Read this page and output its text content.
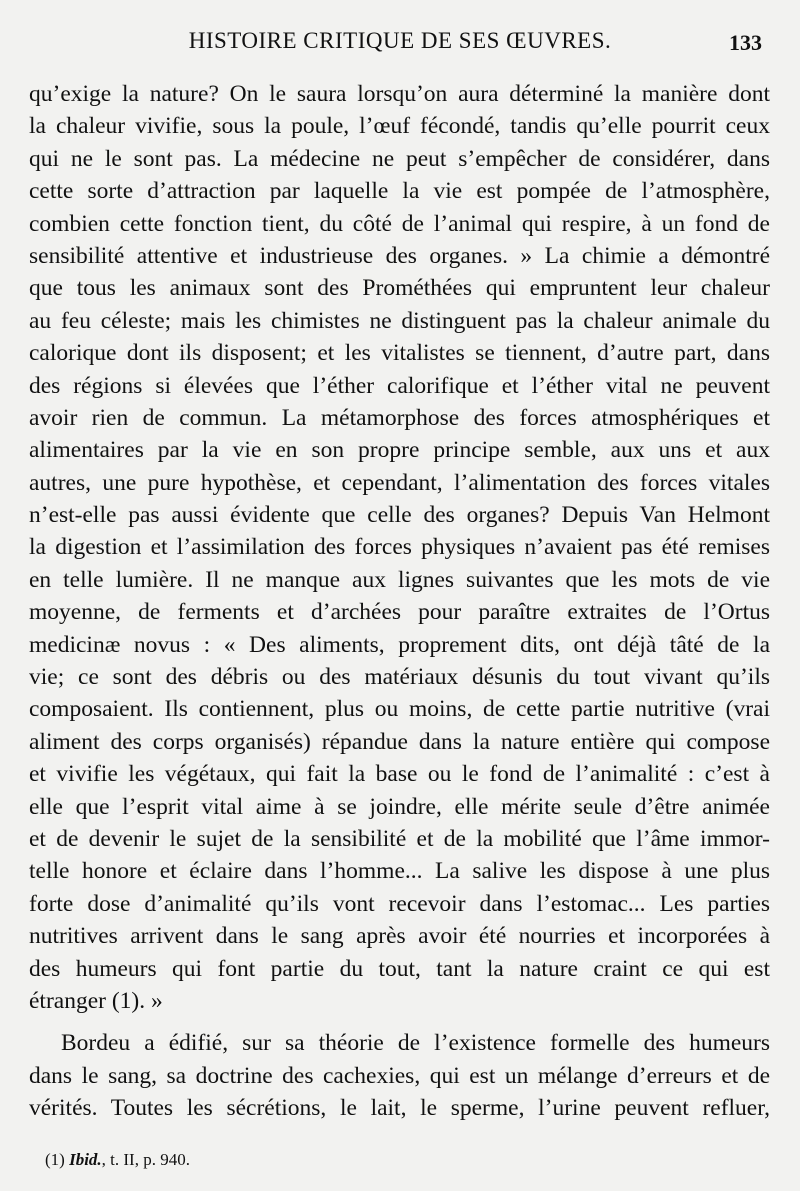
HISTOIRE CRITIQUE DE SES ŒUVRES.	133
qu’exige la nature? On le saura lorsqu’on aura déterminé la manière dont
la chaleur vivifie, sous la poule, l’œuf fécondé, tandis qu’elle pourrit ceux
qui ne le sont pas. La médecine ne peut s’empêcher de considérer, dans
cette sorte d’attraction par laquelle la vie est pompée de l’atmosphère,
combien cette fonction tient, du côté de l’animal qui respire, à un fond de
sensibilité attentive et industrieuse des organes. » La chimie a démontré
que tous les animaux sont des Prométhées qui empruntent leur chaleur
au feu céleste; mais les chimistes ne distinguent pas la chaleur animale du
calorique dont ils disposent; et les vitalistes se tiennent, d’autre part, dans
des régions si élevées que l’éther calorifique et l’éther vital ne peuvent
avoir rien de commun. La métamorphose des forces atmosphériques et
alimentaires par la vie en son propre principe semble, aux uns et aux
autres, une pure hypothèse, et cependant, l’alimentation des forces vitales
n’est-elle pas aussi évidente que celle des organes? Depuis Van Helmont
la digestion et l’assimilation des forces physiques n’avaient pas été remises
en telle lumière. Il ne manque aux lignes suivantes que les mots de vie
moyenne, de ferments et d’archées pour paraître extraites de l’Ortus
medicinæ novus : « Des aliments, proprement dits, ont déjà tâté de la
vie; ce sont des débris ou des matériaux désunis du tout vivant qu’ils
composaient. Ils contiennent, plus ou moins, de cette partie nutritive (vrai
aliment des corps organisés) répandue dans la nature entière qui compose
et vivifie les végétaux, qui fait la base ou le fond de l’animalité : c’est à
elle que l’esprit vital aime à se joindre, elle mérite seule d’être animée
et de devenir le sujet de la sensibilité et de la mobilité que l’âme immor-
telle honore et éclaire dans l’homme... La salive les dispose à une plus
forte dose d’animalité qu’ils vont recevoir dans l’estomac... Les parties
nutritives arrivent dans le sang après avoir été nourries et incorporées à
des humeurs qui font partie du tout, tant la nature craint ce qui est
étranger (1). »
Bordeu a édifié, sur sa théorie de l’existence formelle des humeurs
dans le sang, sa doctrine des cachexies, qui est un mélange d’erreurs et de
vérités. Toutes les sécrétions, le lait, le sperme, l’urine peuvent refluer,
(1) Ibid., t. II, p. 940.
